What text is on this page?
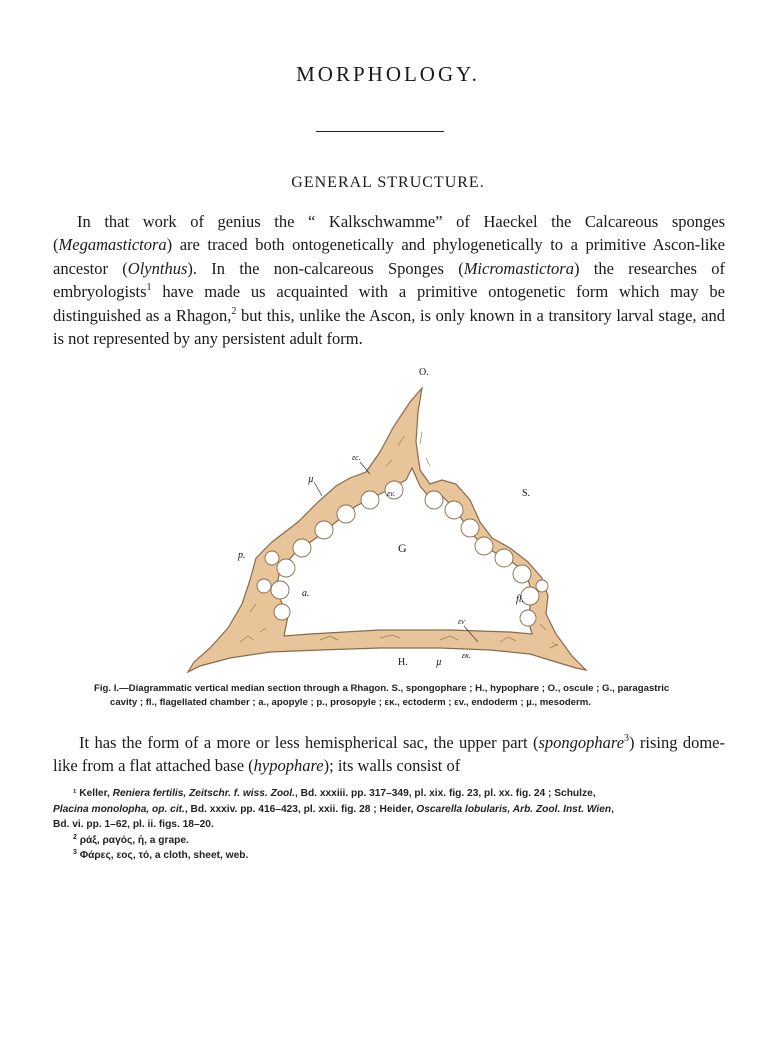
MORPHOLOGY.
GENERAL STRUCTURE.

In that work of genius the “ Kalkschwamme” of Haeckel the Calcareous sponges (Megamastictora) are traced both ontogenetically and phylogenetically to a primitive Ascon-like ancestor (Olynthus). In the non-calcareous Sponges (Micromastictora) the researches of embryologists$^1$ have made us acquainted with a primitive ontogenetic form which may be distinguished as a Rhagon,$^2$ but this, unlike the Ascon, is only known in a transitory larval stage, and is not represented by any persistent adult form.

O.
S.
G
a.
p.
fl.
H.
µ
µ
εc.
εv.
εv
εκ.
Fig. I.—Diagrammatic vertical median section through a Rhagon. S., spongophare ; H., hypophare ; O., oscule ; G., paragastric
cavity ; fl., flagellated chamber ; a., apopyle ; p., prosopyle ; εκ., ectoderm ; εv., endoderm ; µ., mesoderm.

It has the form of a more or less hemispherical sac, the upper part (spongophare$^3$) rising dome-like from a flat attached base (hypophare); its walls consist of

¹ Keller, Reniera fertilis, Zeitschr. f. wiss. Zool., Bd. xxxiii. pp. 317–349, pl. xix. fig. 23, pl. xx. fig. 24 ; Schulze,
Placina monolopha, op. cit., Bd. xxxiv. pp. 416–423, pl. xxii. fig. 28 ; Heider, Oscarella lobularis, Arb. Zool. Inst. Wien,
Bd. vi. pp. 1–62, pl. ii. figs. 18–20.
$^2$ ράξ, ραγός, ἡ, a grape.
$^3$ Φάρες, εος, τό, a cloth, sheet, web.
